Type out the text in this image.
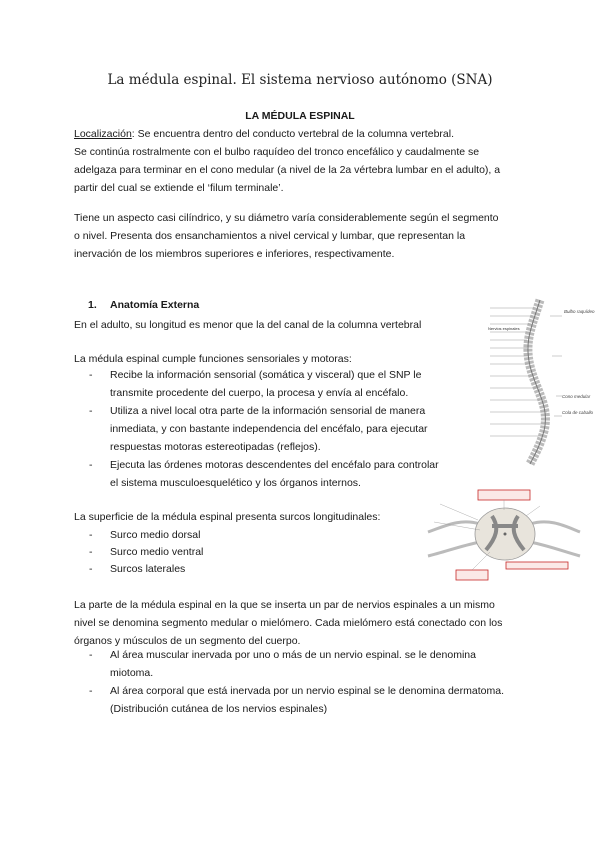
La médula espinal. El sistema nervioso autónomo (SNA)
LA MÉDULA ESPINAL
Localización: Se encuentra dentro del conducto vertebral de la columna vertebral.
Se continúa rostralmente con el bulbo raquídeo del tronco encefálico y caudalmente se
adelgaza para terminar en el cono medular (a nivel de la 2a vértebra lumbar en el adulto), a
partir del cual se extiende el ‘filum terminale’.
Tiene un aspecto casi cilíndrico, y su diámetro varía considerablemente según el segmento
o nivel. Presenta dos ensanchamientos a nivel cervical y lumbar, que representan la
inervación de los miembros superiores e inferiores, respectivamente.
1. Anatomía Externa
En el adulto, su longitud es menor que la del canal de la columna vertebral
La médula espinal cumple funciones sensoriales y motoras:
- Recibe la información sensorial (somática y visceral) que el SNP le
transmite procedente del cuerpo, la procesa y envía al encéfalo.
- Utiliza a nivel local otra parte de la información sensorial de manera
inmediata, y con bastante independencia del encéfalo, para ejecutar
respuestas motoras estereotipadas (reflejos).
- Ejecuta las órdenes motoras descendentes del encéfalo para controlar
el sistema musculoesquelético y los órganos internos.
La superficie de la médula espinal presenta surcos longitudinales:
- Surco medio dorsal
- Surco medio ventral
- Surcos laterales
La parte de la médula espinal en la que se inserta un par de nervios espinales a un mismo
nivel se denomina segmento medular o mielómero. Cada mielómero está conectado con los
órganos y músculos de un segmento del cuerpo.
- Al área muscular inervada por uno o más de un nervio espinal. se le denomina
miotoma.
- Al área corporal que está inervada por un nervio espinal se le denomina dermatoma.
(Distribución cutánea de los nervios espinales)
Bulbo raquídeo
Nervios espinales
Cono medular
Cola de caballo
